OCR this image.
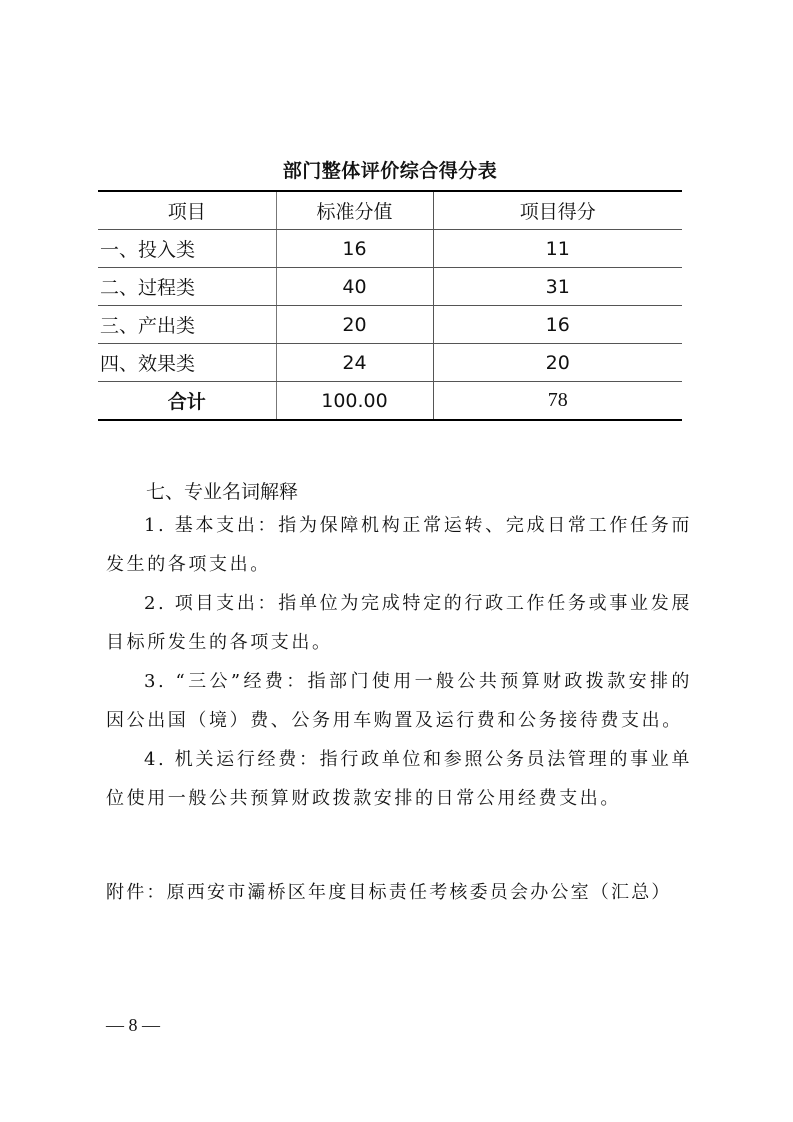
部门整体评价综合得分表
项目	标准分值	项目得分
一、投入类	16	11
二、过程类	40	31
三、产出类	20	16
四、效果类	24	20
合计	100.00	78
七、专业名词解释
1. 基本支出：指为保障机构正常运转、完成日常工作任务而发生的各项支出。
2. 项目支出：指单位为完成特定的行政工作任务或事业发展目标所发生的各项支出。
3. “三公”经费：指部门使用一般公共预算财政拨款安排的因公出国（境）费、公务用车购置及运行费和公务接待费支出。
4. 机关运行经费：指行政单位和参照公务员法管理的事业单位使用一般公共预算财政拨款安排的日常公用经费支出。
附件：原西安市灞桥区年度目标责任考核委员会办公室（汇总）
— 8 —
